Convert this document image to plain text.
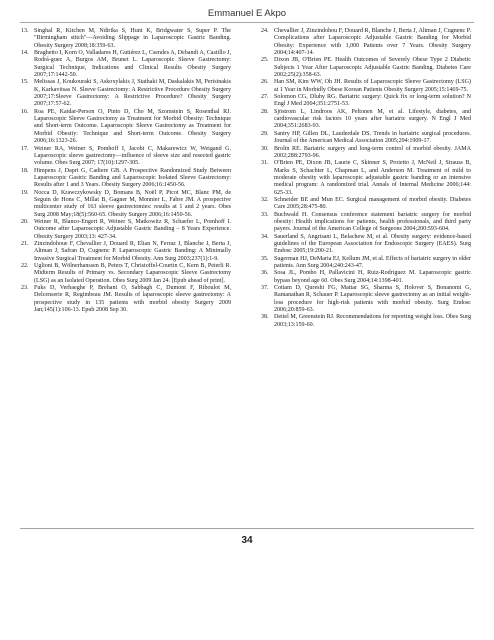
Emmanuel E Akpo
13. Singhal R, Kitchen M, Ndirika S, Hunt K, Bridgwater S, Super P. The "Birmingham stitch"—Avoiding Slippage in Laparoscopic Gastric Banding. Obesity Surgery 2008;18:359-63.
14. Braghetto I, Korn O, Valladares H, Gutiérez L, Csendes A, Debandi A, Castillo J, Rodrá-guez A, Burgos AM, Brunet L. Laparoscopic Sleeve Gastrectomy: Surgical Technique, Indications and Clinical Results Obesity Surgery 2007;17:1442-50.
15. Melissas J, Koukouraki S, Askoxylakis J, Stathaki M, Daskalakis M, Perisinakis K, Karkavitsas N. Sleeve Gastrectomy: A Restrictive Procedure Obesity Surgery 2007;17:Sleeve Gastrectomy: A Restrictive Procedure? Obesity Surgery 2007;17:57-62.
16. Roa PE, Kaidar-Person O, Pinto D, Cho M, Szomstein S, Rosenthal RJ. Laparoscopic Sleeve Gastrectomy as Treatment for Morbid Obesity: Technique and Short-term Outcome. Laparoscopic Sleeve Gastrectomy as Treatment for Morbid Obesity: Technique and Short-term Outcome. Obesity Surgery 2006;16:1323-26.
17. Weiner RA, Weiner S, Pomhoff I, Jacobi C, Makarewicz W, Weigand G. Laparoscopic sleeve gastrectomy—influence of sleeve size and resected gastric volume. Obes Surg 2007; 17(10):1297-305.
18. Himpens J, Dapri G, Cadiere GB. A Prospective Randomized Study Between Laparoscopic Gastric Banding and Laparoscopic Isolated Sleeve Gastrectomy: Results after 1 and 3 Years. Obesity Surgery 2006;16:1450-56.
19. Nocca D, Krawczykowsky D, Bomans B, Noël P, Picot MC, Blanc PM, de Seguin de Hons C, Millat B, Gagner M, Monnier L, Fabre JM. A prospective multicenter study of 163 sleeve gastrectomies: results at 1 and 2 years. Obes Surg 2008 May;18(5):560-65. Obesity Surgery 2006;16:1450-56.
20. Weiner R, Blanco-Engert R, Weiner S, Matkowitz R, Schaefer L, Pomhoff I. Outcome after Laparoscopic Adjustable Gastric Banding – 8 Years Experience. Obesity Surgery 2003;13: 427-34.
21. Zinzindohoue F, Chevallier J, Douard R, Elian N, Ferraz J, Blanche J, Berta J, Altman J, Safran D, Cugnenc P. Laparoscopic Gastric Banding: A Minimally Invasive Surgical Treatment for Morbid Obesity. Ann Surg 2003;237(1):1-9.
22. Uglioni B, Wölnerhanssen B, Peters T, Christoffel-Courtin C, Kern B, Peterli R. Midterm Results of Primary vs. Secondary Laparoscopic Sleeve Gastrectomy (LSG) as an Isolated Operation. Obes Surg 2009 Jan 24. [Epub ahead of print].
23. Fuks D, Verhaeghe P, Brehant O, Sabbagh C, Dumont F, Riboulot M, Delcenserie R, Regimbeau JM. Results of laparoscopic sleeve gastrectomy: A prospective study in 135 patients with morbid obesity Surgery 2009 Jan;145(1):106-13. Epub 2008 Sep 30.
24. Chevallier J, Zinzindohou F, Douard R, Blanche J, Berta J, Altman J, Cugnenc P. Complications after Laparoscopic Adjustable Gastric Banding for Morbid Obesity: Experience with 1,000 Patients over 7 Years. Obesity Surgery 2004;14:407-14.
25. Dixon JB, O'Brien PE. Health Outcomes of Severely Obese Type 2 Diabetic Subjects 1 Year After Laparoscopic Adjustable Gastric Banding. Diabetes Care 2002;25(2):358-63.
26. Han SM, Kim WW, Oh JH. Results of Laparoscopic Sleeve Gastrectomy (LSG) at 1 Year in Morbidly Obese Korean Patients Obesity Surgery 2005;15:1469-75.
27. Solomon CG, Dluhy RG. Bariatric surgery: Quick fix or long-term solution? N Engl J Med 2004;351:2751-53.
28. Sjöstrom L, Lindroos AK, Peltonen M, et al. Lifestyle, diabetes, and cardiovascular risk factors 10 years after bariatric surgery. N Engl J Med 2004;351:2683-93.
29. Santry HP, Gillen DL, Lauderdale DS. Trends in bariatric surgical procedures. Journal of the American Medical Association 2005;294:1909-17.
30. Brolin RE. Bariatric surgery and long-term control of morbid obesity. JAMA 2002;288:2793-96.
31. O'Brien PE, Dixon JB, Laurie C, Skinner S, Proietto J, McNeil J, Strauss B, Marks S, Schachter L, Chapman L, and Anderson M. Treatment of mild to moderate obesity with laparoscopic adjustable gastric banding or an intensive medical program: A randomized trial. Annals of Internal Medicine 2006;144: 625-33.
32. Schneider BE and Mun EC. Surgical management of morbid obesity. Diabetes Care 2005;28:475-80.
33. Buchwald H. Consensus conference statement bariatric surgery for morbid obesity: Health implications for patients, health professionals, and third party payers. Journal of the American College of Surgeons 2004;200:593-604.
34. Sauerland S, Angrisani L, Belachew M, et al. Obesity surgery: evidence-based guidelines of the European Association for Endoscopic Surgery (EAES). Surg Endosc 2005;19:200-21.
35. Sugerman HJ, DeMaria EJ, Kellum JM, et al. Effects of bariatric surgery in older patients. Ann Surg 2004;240:243-47.
36. Sosa JL, Pombo H, Pallavicini H, Ruiz-Rodriguez M. Laparoscopic gastric bypass beyond age 60. Obes Surg 2004;14:1398-401.
37. Cottam D, Qureshi FG, Mattar SG, Sharma S, Holover S, Bonanomi G, Ramanathan R, Schauer P. Laparoscopic sleeve gastrectomy as an initial weight-loss procedure for high-risk patients with morbid obesity. Surg Endosc 2006;20:859-63.
38. Deitel M, Greenstein RJ. Recommendations for reporting weight loss. Obes Surg 2003;13:159-60.
34
